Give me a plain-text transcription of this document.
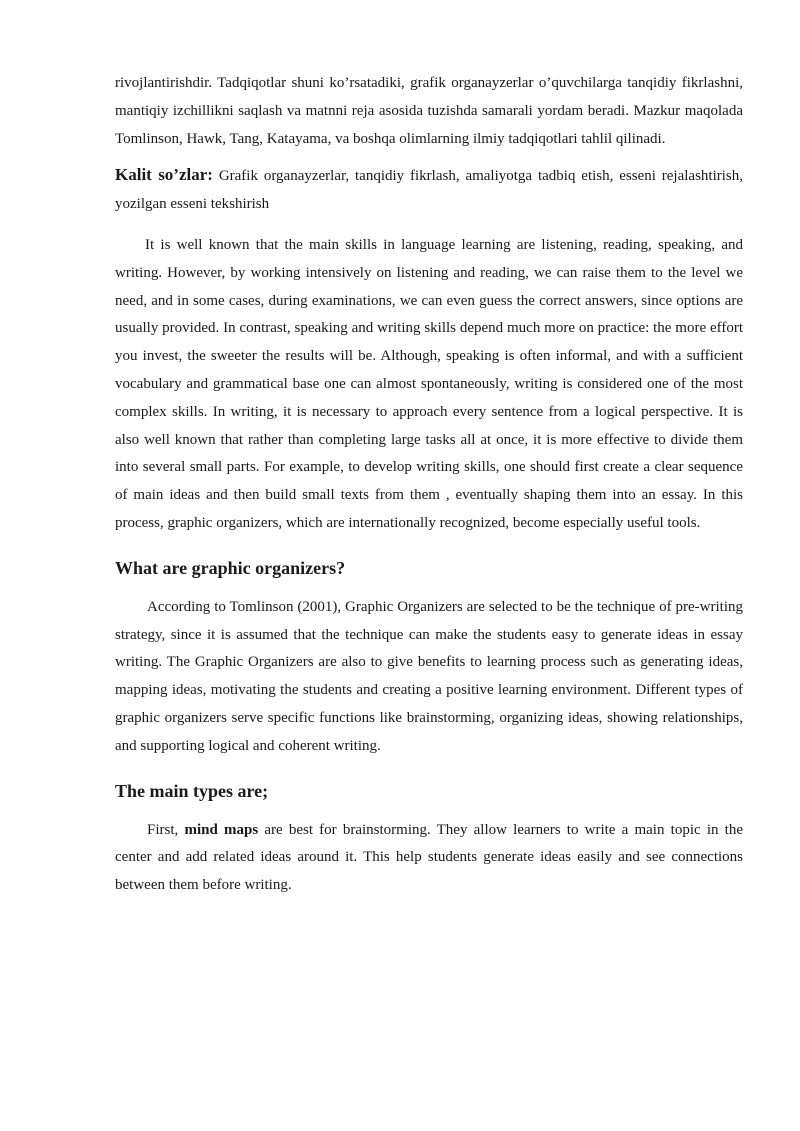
rivojlantirishdir. Tadqiqotlar shuni ko’rsatadiki, grafik organayzerlar o’quvchilarga tanqidiy fikrlashni, mantiqiy izchillikni saqlash va matnni reja asosida tuzishda samarali yordam beradi. Mazkur maqolada Tomlinson, Hawk, Tang, Katayama, va boshqa olimlarning ilmiy tadqiqotlari tahlil qilinadi.

Kalit so’zlar: Grafik organayzerlar, tanqidiy fikrlash, amaliyotga tadbiq etish, esseni rejalashtirish, yozilgan esseni tekshirish

It is well known that the main skills in language learning are listening, reading, speaking, and writing. However, by working intensively on listening and reading, we can raise them to the level we need, and in some cases, during examinations, we can even guess the correct answers, since options are usually provided. In contrast, speaking and writing skills depend much more on practice: the more effort you invest, the sweeter the results will be. Although, speaking is often informal, and with a sufficient vocabulary and grammatical base one can almost spontaneously, writing is considered one of the most complex skills. In writing, it is necessary to approach every sentence from a logical perspective. It is also well known that rather than completing large tasks all at once, it is more effective to divide them into several small parts. For example, to develop writing skills, one should first create a clear sequence of main ideas and then build small texts from them , eventually shaping them into an essay. In this process, graphic organizers, which are internationally recognized, become especially useful tools.

What are graphic organizers?

According to Tomlinson (2001), Graphic Organizers are selected to be the technique of pre-writing strategy, since it is assumed that the technique can make the students easy to generate ideas in essay writing. The Graphic Organizers are also to give benefits to learning process such as generating ideas, mapping ideas, motivating the students and creating a positive learning environment. Different types of graphic organizers serve specific functions like brainstorming, organizing ideas, showing relationships, and supporting logical and coherent writing.

The main types are;

First, mind maps are best for brainstorming. They allow learners to write a main topic in the center and add related ideas around it. This help students generate ideas easily and see connections between them before writing.
